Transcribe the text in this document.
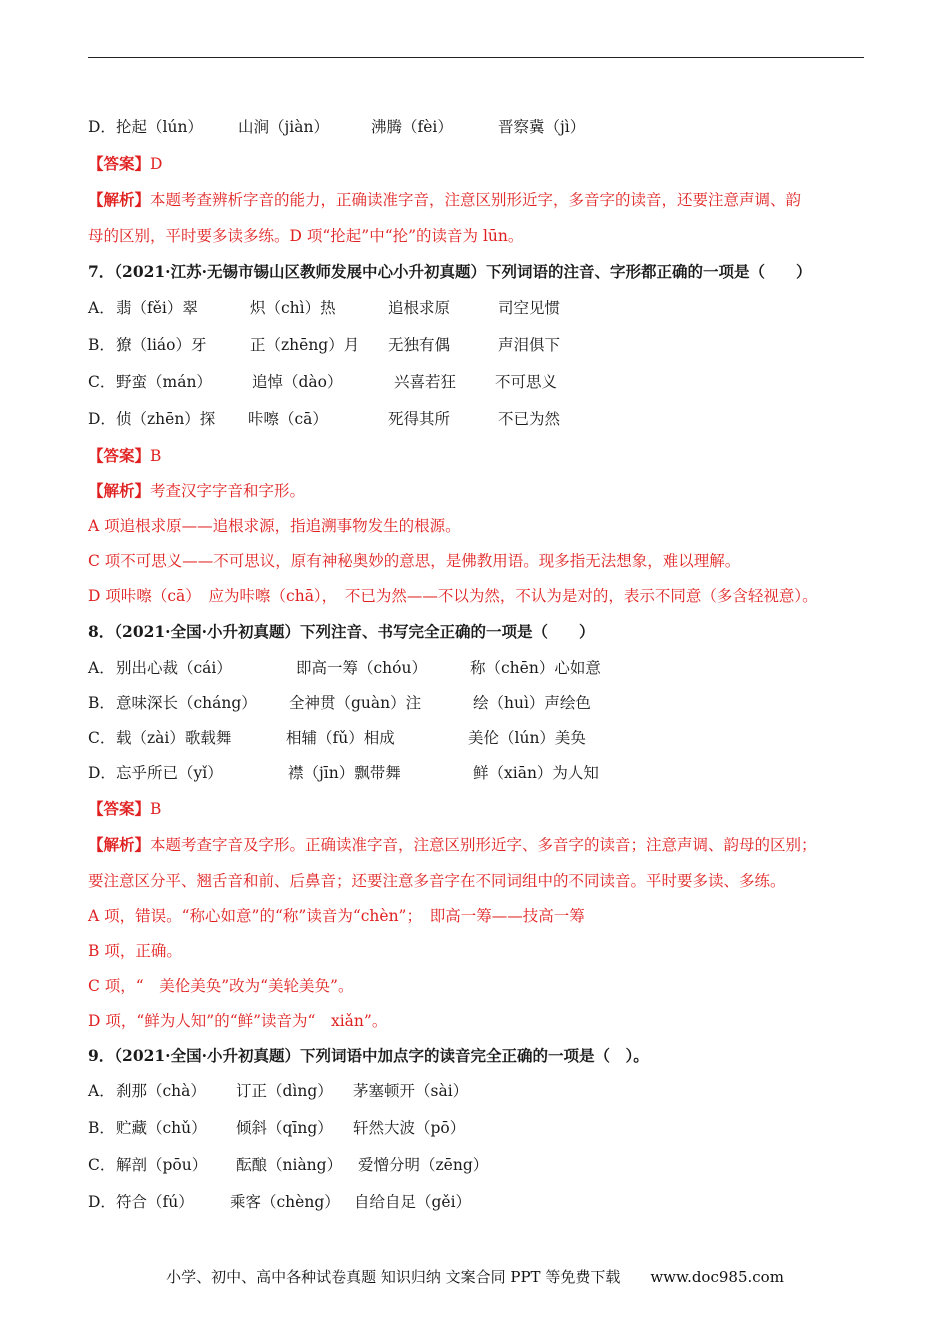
D． 抡起（lún） 山涧（jiàn）	沸腾（fèi）	晋察冀（jì）
【答案】D
【解析】本题考查辨析字音的能力，正确读准字音，注意区别形近字，多音字的读音，还要注意声调、韵
母的区别，平时要多读多练。D 项“抡起”中“抡”的读音为 lūn。
7．（2021·江苏·无锡市锡山区教师发展中心小升初真题）下列词语的注音、字形都正确的一项是（　　）
A． 翡（fěi）翠	炽（chì）热	追根求原	司空见惯
B． 獠（liáo）牙	正（zhēng）月 无独有偶	声泪俱下
C． 野蛮（mán）	追悼（dào）	兴喜若狂	不可思义
D． 侦（zhēn）探 咔嚓（cā）	死得其所	不已为然
【答案】B
【解析】考查汉字字音和字形。
A 项追根求原——追根求源，指追溯事物发生的根源。
C 项不可思义——不可思议，原有神秘奥妙的意思，是佛教用语。现多指无法想象，难以理解。
D 项咔嚓（cā）　应为咔嚓（chā），　不已为然——不以为然，不认为是对的，表示不同意（多含轻视意）。
8．（2021·全国·小升初真题）下列注音、书写完全正确的一项是（　　）
A． 别出心裁（cái）	即高一筹（chóu）	称（chēn）心如意
B． 意味深长（cháng） 全神贯（guàn）注	绘（huì）声绘色
C． 载（zài）歌载舞	相辅（fǔ）相成	美伦（lún）美奂
D． 忘乎所已（yǐ）	襟（jīn）飘带舞	鲜（xiān）为人知
【答案】B
【解析】本题考查字音及字形。正确读准字音，注意区别形近字、多音字的读音；注意声调、韵母的区别；
要注意区分平、翘舌音和前、后鼻音；还要注意多音字在不同词组中的不同读音。平时要多读、多练。
A 项，错误。“称心如意”的“称”读音为“chèn”；　即高一筹——技高一筹
B 项，正确。
C 项，“　美伦美奂”改为“美轮美奂”。
D 项，“鲜为人知”的“鲜”读音为“　xiǎn”。
9．（2021·全国·小升初真题）下列词语中加点字的读音完全正确的一项是（　）。
A． 刹那（chà） 订正（dìng） 茅塞顿开（sài）
B． 贮藏（chǔ） 倾斜（qīng） 轩然大波（pō）
C． 解剖（pōu） 酝酿（niàng） 爱憎分明（zēng）
D． 符合（fú） 乘客（chèng） 自给自足（gěi）
小学、初中、高中各种试卷真题 知识归纳 文案合同 PPT 等免费下载　　www.doc985.com
